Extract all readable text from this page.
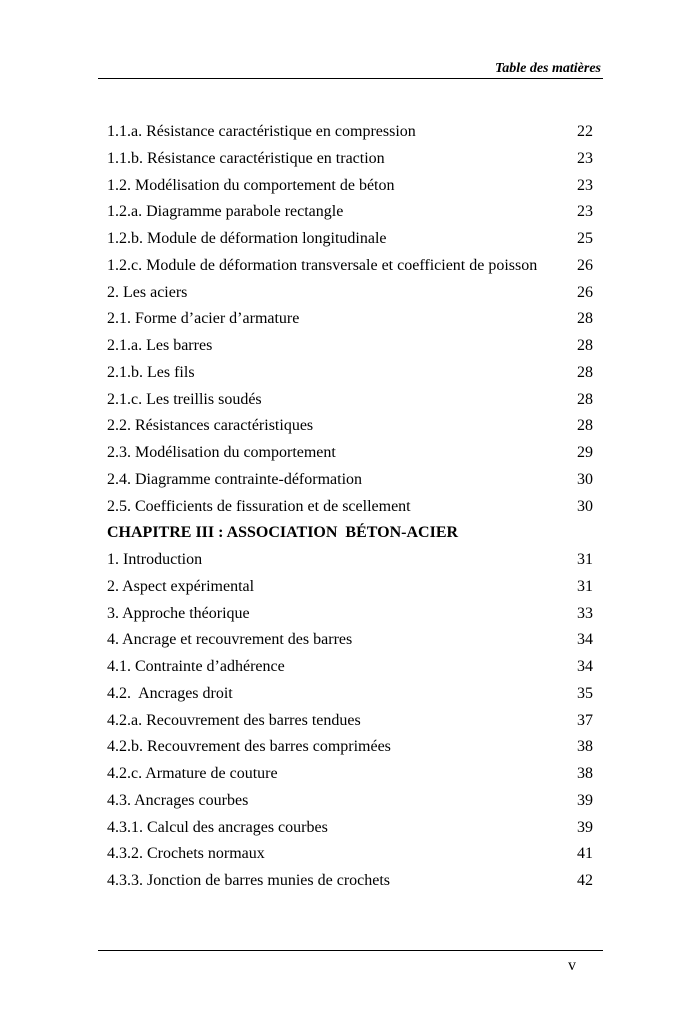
Table des matières
1.1.a. Résistance caractéristique en compression	22
1.1.b. Résistance caractéristique en traction	23
1.2. Modélisation du comportement de béton	23
1.2.a. Diagramme parabole rectangle	23
1.2.b. Module de déformation longitudinale	25
1.2.c. Module de déformation transversale et coefficient de poisson 26
2. Les aciers	26
2.1. Forme d’acier d’armature	28
2.1.a. Les barres	28
2.1.b. Les fils	28
2.1.c. Les treillis soudés	28
2.2. Résistances caractéristiques	28
2.3. Modélisation du comportement	29
2.4. Diagramme contrainte-déformation	30
2.5. Coefficients de fissuration et de scellement	30
CHAPITRE III : ASSOCIATION  BÉTON-ACIER
1. Introduction	31
2. Aspect expérimental	31
3. Approche théorique	33
4. Ancrage et recouvrement des barres	34
4.1. Contrainte d’adhérence	34
4.2.  Ancrages droit	35
4.2.a. Recouvrement des barres tendues	37
4.2.b. Recouvrement des barres comprimées	38
4.2.c. Armature de couture	38
4.3. Ancrages courbes	39
4.3.1. Calcul des ancrages courbes	39
4.3.2. Crochets normaux	41
4.3.3. Jonction de barres munies de crochets	42
v
